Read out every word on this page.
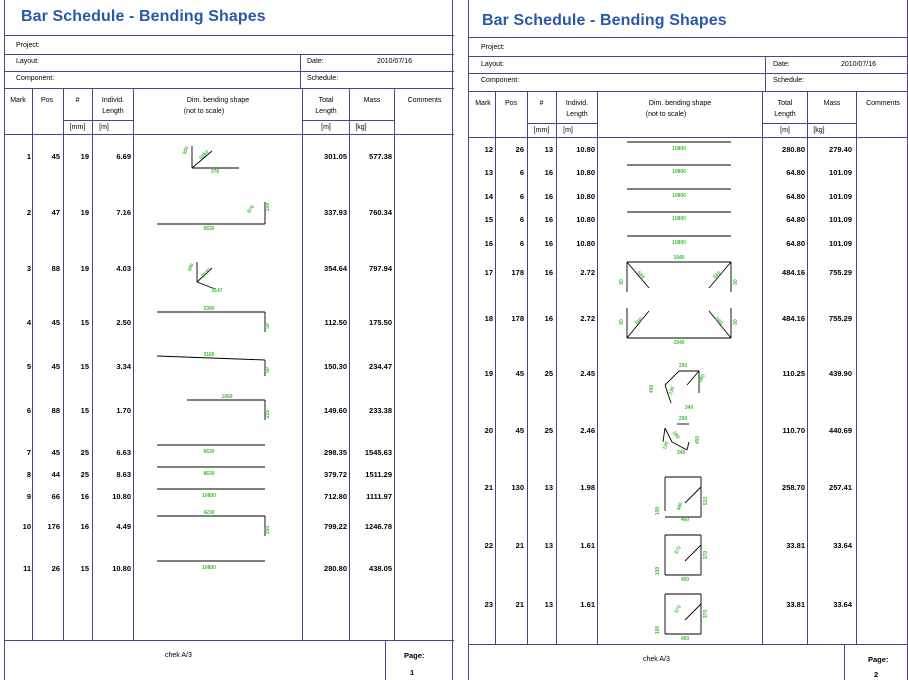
Bar Schedule - Bending Shapes
Project:
Layout:	Date:	2010/07/16
Component:	Schedule:
Mark	Pos	#	Individ.
Length
Dim. bending shape
(not to scale)
Total
Length
Mass	Comments
[mm]	[m]	[m]	[kg]
1	45	19	6.69	301.05	577.38
300 5560
376
2	47	19	7.16	337.93	760.34
5630
870 150
3	88	19	4.03	354.64	797.94
300 3120
3147
4	45	15	2.50	112.50	175.50
2390
50
5	45	15	3.34	150.30	234.47
3160
50
6	88	15	1.70	149.60	233.38
1450
215
7	45	25	6.63	298.35	1545.63
6630
8	44	25	8.63	379.72	1511.29
8630
9	66	16	10.80	712.80	1111.97
10800
10	176	16	4.49	799.22	1246.78
4230
250
11	26	15	10.80	280.80	438.05
10800
chek A/3	Page:
1
Bar Schedule - Bending Shapes
Project:
Layout:	Date:	2010/07/16
Component:	Schedule:
Mark	Pos	#	Individ.
Length
Dim. bending shape
(not to scale)
Total
Length
Mass	Comments
[mm]	[m]	[m]	[kg]
12	26	13	10.80	280.80	279.40
10800
13	6	16	10.80	64.80	101.09
10800
14	6	16	10.80	64.80	101.09
10800
15	6	16	10.80	64.80	101.09
10800
16	6	16	10.80	64.80	101.09
10800
17	178	16	2.72	484.16	755.29
1040
560	560
50	50
18	178	16	2.72	484.16	755.29
1040
560	560
50	50
19	45	25	2.45	110.25	439.90
250
120
280
450
340
20	45	25	2.46	110.70	440.69
250
120
280	450
340
21	130	13	1.98	258.70	257.41
380
510
100
460
22	21	13	1.61	33.81	33.64
370	370
100
450
23	21	13	1.61	33.81	33.64
370	370
100
450
chek A/3	Page:
2
